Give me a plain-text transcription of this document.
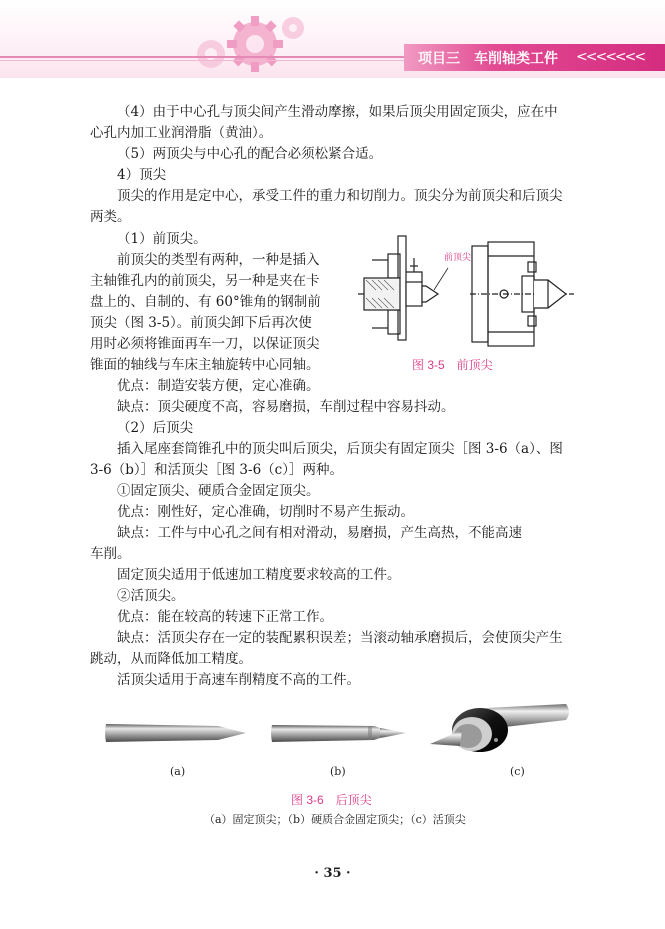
项目三 车削轴类工件 <<<<<<<
（4）由于中心孔与顶尖间产生滑动摩擦，如果后顶尖用固定顶尖，应在中
心孔内加工业润滑脂（黄油）。
（5）两顶尖与中心孔的配合必须松紧合适。
4）顶尖
顶尖的作用是定中心，承受工件的重力和切削力。顶尖分为前顶尖和后顶尖
两类。
（1）前顶尖。
前顶尖的类型有两种，一种是插入
主轴锥孔内的前顶尖，另一种是夹在卡
盘上的、自制的、有 60°锥角的钢制前
顶尖（图 3-5）。前顶尖卸下后再次使
用时必须将锥面再车一刀，以保证顶尖
锥面的轴线与车床主轴旋转中心同轴。
前顶尖
图 3-5　前顶尖
优点：制造安装方便，定心准确。
缺点：顶尖硬度不高，容易磨损，车削过程中容易抖动。
（2）后顶尖
插入尾座套筒锥孔中的顶尖叫后顶尖，后顶尖有固定顶尖［图 3-6（a）、图
3-6（b）］和活顶尖［图 3-6（c）］两种。
①固定顶尖、硬质合金固定顶尖。
优点：刚性好，定心准确，切削时不易产生振动。
缺点：工件与中心孔之间有相对滑动，易磨损，产生高热，不能高速
车削。
固定顶尖适用于低速加工精度要求较高的工件。
②活顶尖。
优点：能在较高的转速下正常工作。
缺点：活顶尖存在一定的装配累积误差；当滚动轴承磨损后，会使顶尖产生
跳动，从而降低加工精度。
活顶尖适用于高速车削精度不高的工件。
(a)	(b)	(c)
图 3-6　后顶尖
（a）固定顶尖；（b）硬质合金固定顶尖；（c）活顶尖
· 35 ·
